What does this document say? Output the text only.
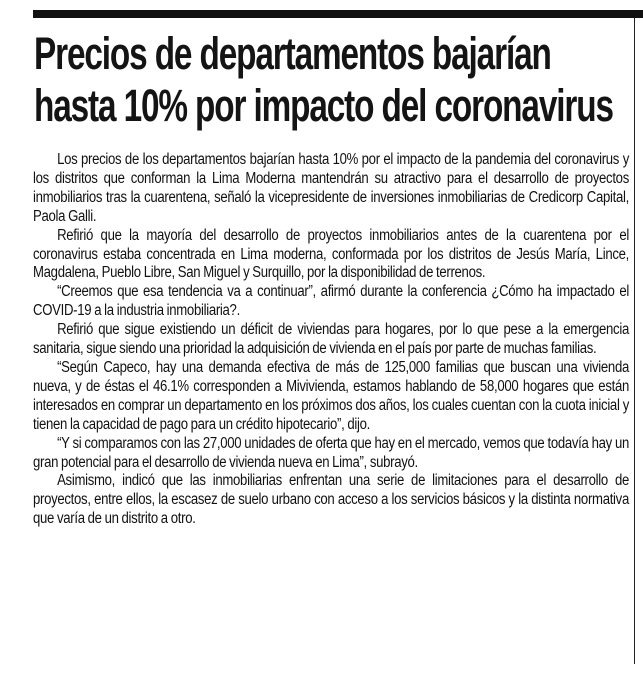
Precios de departamentos bajarían
hasta 10% por impacto del coronavirus

Los precios de los departamentos bajarían hasta 10% por el impacto de la pandemia del coronavirus y los distritos que conforman la Lima Moderna mantendrán su atractivo para el desarrollo de proyectos inmobiliarios tras la cuarentena, señaló la vicepresidente de inversiones inmobiliarias de Credicorp Capital, Paola Galli.

Refirió que la mayoría del desarrollo de proyectos inmobiliarios antes de la cuarentena por el coronavirus estaba concentrada en Lima moderna, conformada por los distritos de Jesús María, Lince, Magdalena, Pueblo Libre, San Miguel y Surquillo, por la disponibilidad de terrenos.

“Creemos que esa tendencia va a continuar”, afirmó durante la conferencia ¿Cómo ha impactado el COVID-19 a la industria inmobiliaria?.

Refirió que sigue existiendo un déficit de viviendas para hogares, por lo que pese a la emergencia sanitaria, sigue siendo una prioridad la adquisición de vivienda en el país por parte de muchas familias.

“Según Capeco, hay una demanda efectiva de más de 125,000 familias que buscan una vivienda nueva, y de éstas el 46.1% corresponden a Mivivienda, estamos hablando de 58,000 hogares que están interesados en comprar un departamento en los próximos dos años, los cuales cuentan con la cuota inicial y tienen la capacidad de pago para un crédito hipotecario”, dijo.

“Y si comparamos con las 27,000 unidades de oferta que hay en el mercado, vemos que todavía hay un gran potencial para el desarrollo de vivienda nueva en Lima”, subrayó.

Asimismo, indicó que las inmobiliarias enfrentan una serie de limitaciones para el desarrollo de proyectos, entre ellos, la escasez de suelo urbano con acceso a los servicios básicos y la distinta normativa que varía de un distrito a otro.
